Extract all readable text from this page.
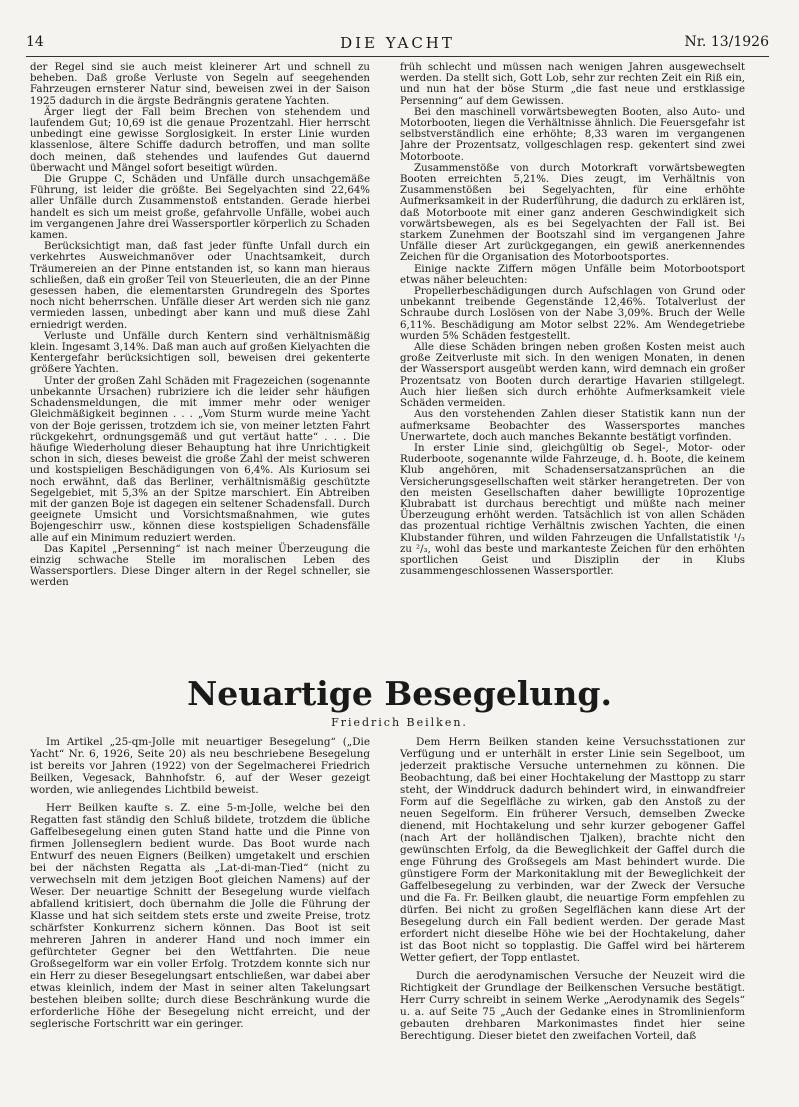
14	DIE YACHT	Nr. 13/1926

der Regel sind sie auch meist kleinerer Art und schnell zu beheben. Daß große Verluste von Segeln auf seegehenden Fahrzeugen ernsterer Natur sind, beweisen zwei in der Saison 1925 dadurch in die ärgste Bedrängnis geratene Yachten.

Ärger liegt der Fall beim Brechen von stehendem und laufendem Gut; 10,69 ist die genaue Prozentzahl. Hier herrscht unbedingt eine gewisse Sorglosigkeit. In erster Linie wurden klassenlose, ältere Schiffe dadurch betroffen, und man sollte doch meinen, daß stehendes und laufendes Gut dauernd überwacht und Mängel sofort beseitigt würden.

Die Gruppe C, Schäden und Unfälle durch unsachgemäße Führung, ist leider die größte. Bei Segelyachten sind 22,64% aller Unfälle durch Zusammenstoß entstanden. Gerade hierbei handelt es sich um meist große, gefahrvolle Unfälle, wobei auch im vergangenen Jahre drei Wassersportler körperlich zu Schaden kamen.

Berücksichtigt man, daß fast jeder fünfte Unfall durch ein verkehrtes Ausweichmanöver oder Unachtsamkeit, durch Träumereien an der Pinne entstanden ist, so kann man hieraus schließen, daß ein großer Teil von Steuerleuten, die an der Pinne gesessen haben, die elementarsten Grundregeln des Sportes noch nicht beherrschen. Unfälle dieser Art werden sich nie ganz vermieden lassen, unbedingt aber kann und muß diese Zahl erniedrigt werden.

Verluste und Unfälle durch Kentern sind verhältnismäßig klein. Ingesamt 3,14%. Daß man auch auf großen Kielyachten die Kentergefahr berücksichtigen soll, beweisen drei gekenterte größere Yachten.

Unter der großen Zahl Schäden mit Fragezeichen (sogenannte unbekannte Ursachen) rubriziere ich die leider sehr häufigen Schadensmeldungen, die mit immer mehr oder weniger Gleichmäßigkeit beginnen . . . „Vom Sturm wurde meine Yacht von der Boje gerissen, trotzdem ich sie, von meiner letzten Fahrt rückgekehrt, ordnungsgemäß und gut vertäut hatte“ . . . Die häufige Wiederholung dieser Behauptung hat ihre Unrichtigkeit schon in sich, dieses beweist die große Zahl der meist schweren und kostspieligen Beschädigungen von 6,4%. Als Kuriosum sei noch erwähnt, daß das Berliner, verhältnismäßig geschützte Segelgebiet, mit 5,3% an der Spitze marschiert. Ein Abtreiben mit der ganzen Boje ist dagegen ein seltener Schadensfall. Durch geeignete Umsicht und Vorsichtsmaßnahmen, wie gutes Bojengeschirr usw., können diese kostspieligen Schadensfälle alle auf ein Minimum reduziert werden.

Das Kapitel „Persenning“ ist nach meiner Überzeugung die einzig schwache Stelle im moralischen Leben des Wassersportlers. Diese Dinger altern in der Regel schneller, sie werden

früh schlecht und müssen nach wenigen Jahren ausgewechselt werden. Da stellt sich, Gott Lob, sehr zur rechten Zeit ein Riß ein, und nun hat der böse Sturm „die fast neue und erstklassige Persenning“ auf dem Gewissen.

Bei den maschinell vorwärtsbewegten Booten, also Auto- und Motorbooten, liegen die Verhältnisse ähnlich. Die Feuersgefahr ist selbstverständlich eine erhöhte; 8,33 waren im vergangenen Jahre der Prozentsatz, vollgeschlagen resp. gekentert sind zwei Motorboote.

Zusammenstöße von durch Motorkraft vorwärtsbewegten Booten erreichten 5,21%. Dies zeugt, im Verhältnis von Zusammenstößen bei Segelyachten, für eine erhöhte Aufmerksamkeit in der Ruderführung, die dadurch zu erklären ist, daß Motorboote mit einer ganz anderen Geschwindigkeit sich vorwärtsbewegen, als es bei Segelyachten der Fall ist. Bei starkem Zunehmen der Bootszahl sind im vergangenen Jahre Unfälle dieser Art zurückgegangen, ein gewiß anerkennendes Zeichen für die Organisation des Motorbootsportes.

Einige nackte Ziffern mögen Unfälle beim Motorbootsport etwas näher beleuchten:

Propellerbeschädigungen durch Aufschlagen von Grund oder unbekannt treibende Gegenstände 12,46%. Totalverlust der Schraube durch Loslösen von der Nabe 3,09%. Bruch der Welle 6,11%. Beschädigung am Motor selbst 22%. Am Wendegetriebe wurden 5% Schäden festgestellt.

Alle diese Schäden bringen neben großen Kosten meist auch große Zeitverluste mit sich. In den wenigen Monaten, in denen der Wassersport ausgeübt werden kann, wird demnach ein großer Prozentsatz von Booten durch derartige Havarien stillgelegt. Auch hier ließen sich durch erhöhte Aufmerksamkeit viele Schäden vermeiden.

Aus den vorstehenden Zahlen dieser Statistik kann nun der aufmerksame Beobachter des Wassersportes manches Unerwartete, doch auch manches Bekannte bestätigt vorfinden.

In erster Linie sind, gleichgültig ob Segel-, Motor- oder Ruderboote, sogenannte wilde Fahrzeuge, d. h. Boote, die keinem Klub angehören, mit Schadensersatzansprüchen an die Versicherungsgesellschaften weit stärker herangetreten. Der von den meisten Gesellschaften daher bewilligte 10prozentige Klubrabatt ist durchaus berechtigt und müßte nach meiner Überzeugung erhöht werden. Tatsächlich ist von allen Schäden das prozentual richtige Verhältnis zwischen Yachten, die einen Klubstander führen, und wilden Fahrzeugen die Unfallstatistik ¹/₃ zu ²/₃, wohl das beste und markanteste Zeichen für den erhöhten sportlichen Geist und Disziplin der in Klubs zusammengeschlossenen Wassersportler.

Neuartige Besegelung.
Friedrich Beilken.

Im Artikel „25-qm-Jolle mit neuartiger Besegelung“ („Die Yacht“ Nr. 6, 1926, Seite 20) als neu beschriebene Besegelung ist bereits vor Jahren (1922) von der Segelmacherei Friedrich Beilken, Vegesack, Bahnhofstr. 6, auf der Weser gezeigt worden, wie anliegendes Lichtbild beweist.

Herr Beilken kaufte s. Z. eine 5-m-Jolle, welche bei den Regatten fast ständig den Schluß bildete, trotzdem die übliche Gaffelbesegelung einen guten Stand hatte und die Pinne von firmen Jollenseglern bedient wurde. Das Boot wurde nach Entwurf des neuen Eigners (Beilken) umgetakelt und erschien bei der nächsten Regatta als „Lat-di-man-Tied“ (nicht zu verwechseln mit dem jetzigen Boot gleichen Namens) auf der Weser. Der neuartige Schnitt der Besegelung wurde vielfach abfallend kritisiert, doch übernahm die Jolle die Führung der Klasse und hat sich seitdem stets erste und zweite Preise, trotz schärfster Konkurrenz sichern können. Das Boot ist seit mehreren Jahren in anderer Hand und noch immer ein gefürchteter Gegner bei den Wettfahrten. Die neue Großsegelform war ein voller Erfolg. Trotzdem konnte sich nur ein Herr zu dieser Besegelungsart entschließen, war dabei aber etwas kleinlich, indem der Mast in seiner alten Takelungsart bestehen bleiben sollte; durch diese Beschränkung wurde die erforderliche Höhe der Besegelung nicht erreicht, und der seglerische Fortschritt war ein geringer.

Dem Herrn Beilken standen keine Versuchsstationen zur Verfügung und er unterhält in erster Linie sein Segelboot, um jederzeit praktische Versuche unternehmen zu können. Die Beobachtung, daß bei einer Hochtakelung der Masttopp zu starr steht, der Winddruck dadurch behindert wird, in einwandfreier Form auf die Segelfläche zu wirken, gab den Anstoß zu der neuen Segelform. Ein früherer Versuch, demselben Zwecke dienend, mit Hochtakelung und sehr kurzer gebogener Gaffel (nach Art der holländischen Tjalken), brachte nicht den gewünschten Erfolg, da die Beweglichkeit der Gaffel durch die enge Führung des Großsegels am Mast behindert wurde. Die günstigere Form der Markonitaklung mit der Beweglichkeit der Gaffelbesegelung zu verbinden, war der Zweck der Versuche und die Fa. Fr. Beilken glaubt, die neuartige Form empfehlen zu dürfen. Bei nicht zu großen Segelflächen kann diese Art der Besegelung durch ein Fall bedient werden. Der gerade Mast erfordert nicht dieselbe Höhe wie bei der Hochtakelung, daher ist das Boot nicht so topplastig. Die Gaffel wird bei härterem Wetter gefiert, der Topp entlastet.

Durch die aerodynamischen Versuche der Neuzeit wird die Richtigkeit der Grundlage der Beilkenschen Versuche bestätigt. Herr Curry schreibt in seinem Werke „Aerodynamik des Segels“ u. a. auf Seite 75 „Auch der Gedanke eines in Stromlinienform gebauten drehbaren Markonimastes findet hier seine Berechtigung. Dieser bietet den zweifachen Vorteil, daß
